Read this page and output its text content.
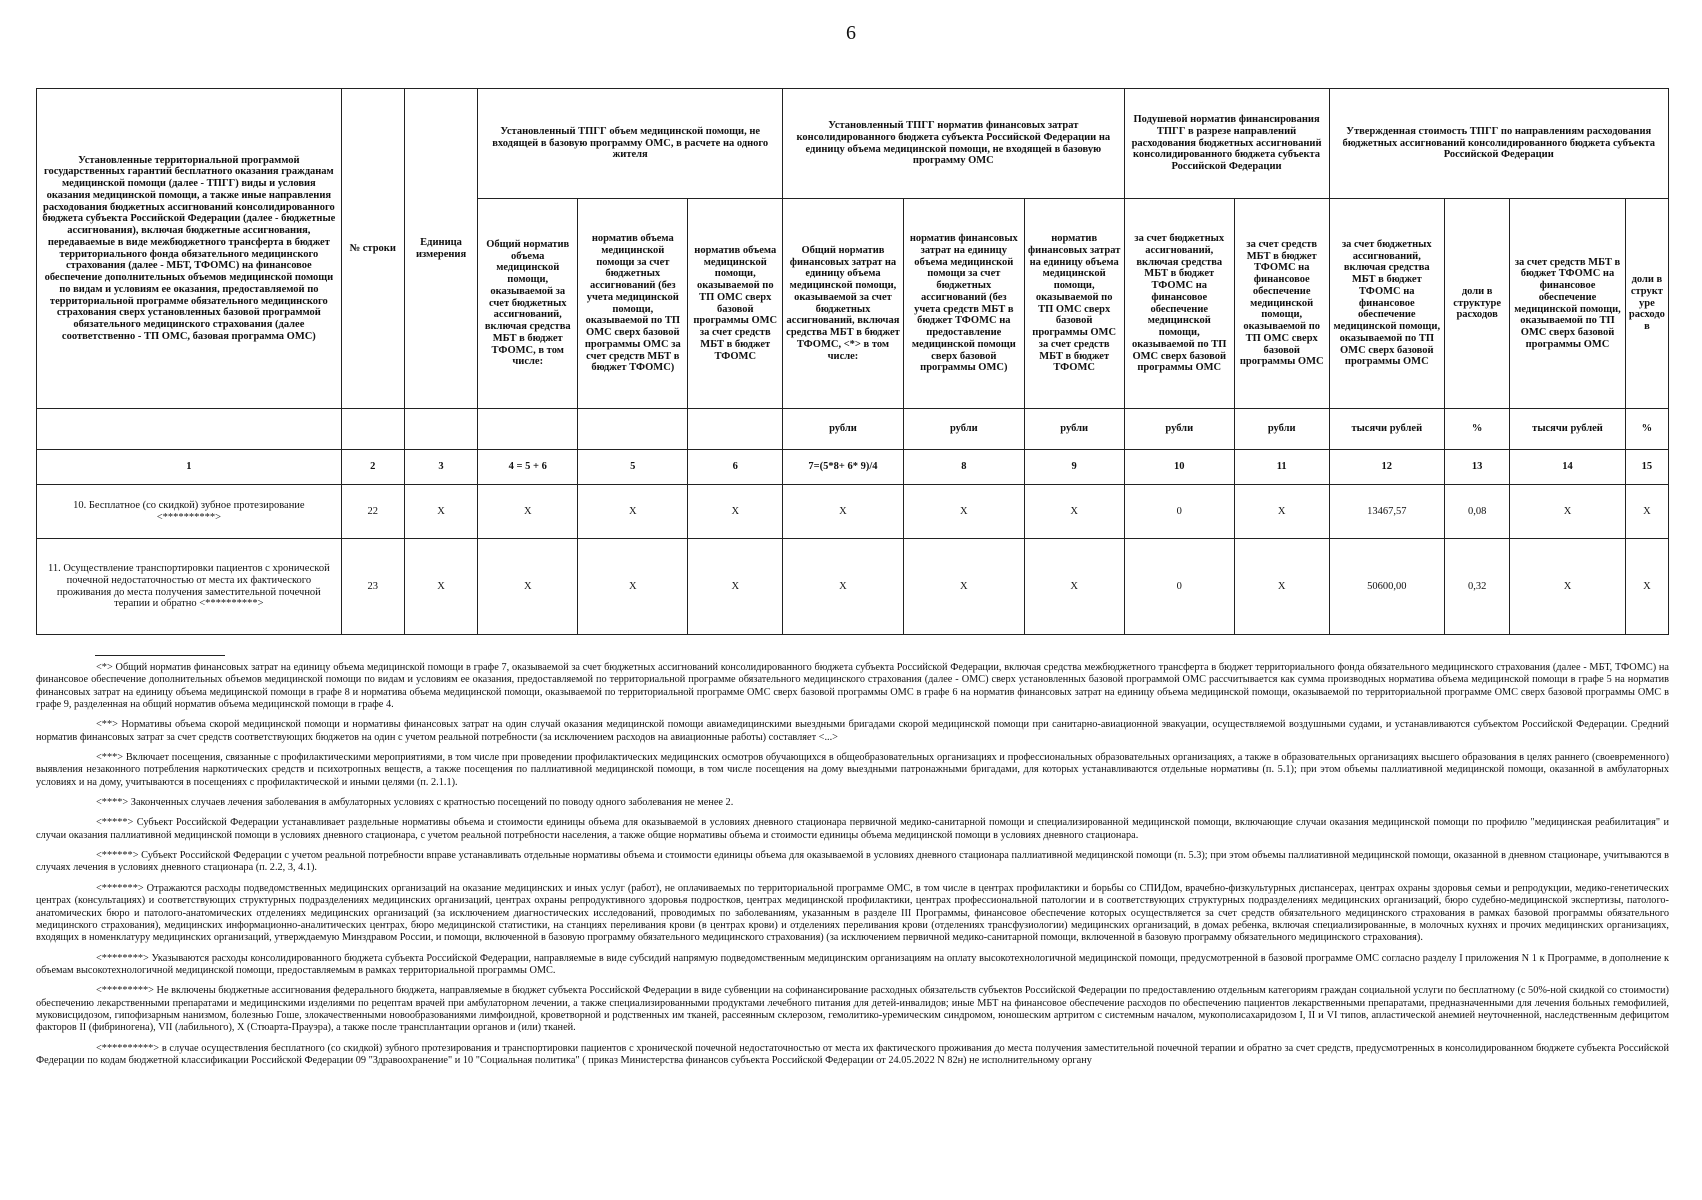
6
Установленные территориальной программой государственных гарантий бесплатного оказания гражданам медицинской помощи (далее - ТПГГ) виды и условия оказания медицинской помощи, а также иные направления расходования бюджетных ассигнований консолидированного бюджета субъекта Российской Федерации (далее - бюджетные ассигнования), включая бюджетные ассигнования, передаваемые в виде межбюджетного трансферта в бюджет территориального фонда обязательного медицинского страхования (далее - МБТ, ТФОМС) на финансовое обеспечение дополнительных объемов медицинской помощи по видам и условиям ее оказания, предоставляемой по территориальной программе обязательного медицинского страхования сверх установленных базовой программой обязательного медицинского страхования (далее соответственно - ТП ОМС, базовая программа ОМС)	№ строки	Единица измерения	Установленный ТПГГ объем медицинской помощи, не входящей в базовую программу ОМС, в расчете на одного жителя			Установленный ТПГГ норматив финансовых затрат консолидированного бюджета субъекта Российской Федерации на единицу объема медицинской помощи, не входящей в базовую программу ОМС			Подушевой норматив финансирования ТПГГ в разрезе направлений расходования бюджетных ассигнований консолидированного бюджета субъекта Российской Федерации		Утвержденная стоимость ТПГГ по направлениям расходования бюджетных ассигнований консолидированного бюджета субъекта Российской Федерации			
			Общий норматив объема медицинской помощи, оказываемой за счет бюджетных ассигнований, включая средства МБТ в бюджет ТФОМС, в том числе:	норматив объема медицинской помощи за счет бюджетных ассигнований (без учета медицинской помощи, оказываемой по ТП ОМС сверх базовой программы ОМС за счет средств МБТ в бюджет ТФОМС)	норматив объема медицинской помощи, оказываемой по ТП ОМС сверх базовой программы ОМС за счет средств МБТ в бюджет ТФОМС	Общий норматив финансовых затрат на единицу объема медицинской помощи, оказываемой за счет бюджетных ассигнований, включая средства МБТ в бюджет ТФОМС, <*> в том числе:	норматив финансовых затрат на единицу объема медицинской помощи за счет бюджетных ассигнований (без учета средств МБТ в бюджет ТФОМС на предоставление медицинской помощи сверх базовой программы ОМС)	норматив финансовых затрат на единицу объема медицинской помощи, оказываемой по ТП ОМС сверх базовой программы ОМС за счет средств МБТ в бюджет ТФОМС	за счет бюджетных ассигнований, включая средства МБТ в бюджет ТФОМС на финансовое обеспечение медицинской помощи, оказываемой по ТП ОМС сверх базовой программы ОМС	за счет средств МБТ в бюджет ТФОМС на финансовое обеспечение медицинской помощи, оказываемой по ТП ОМС сверх базовой программы ОМС	за счет бюджетных ассигнований, включая средства МБТ в бюджет ТФОМС на финансовое обеспечение медицинской помощи, оказываемой по ТП ОМС сверх базовой программы ОМС	доли в структуре расходов	за счет средств МБТ в бюджет ТФОМС на финансовое обеспечение медицинской помощи, оказываемой по ТП ОМС сверх базовой программы ОМС	доли в структуре расходов
						рубли	рубли	рубли	рубли	рубли	тысячи рублей	%	тысячи рублей	%
1	2	3	4 = 5 + 6	5	6	7=(5*8+ 6* 9)/4	8	9	10	11	12	13	14	15
10. Бесплатное (со скидкой) зубное протезирование <**********>	22	Х	Х	Х	Х	Х	Х	Х	0	Х	13467,57	0,08	Х	Х
11. Осуществление транспортировки пациентов с хронической почечной недостаточностью от места их фактического проживания до места получения заместительной почечной терапии и обратно <**********>	23	Х	Х	Х	Х	Х	Х	Х	0	Х	50600,00	0,32	Х	Х

<*> Общий норматив финансовых затрат на единицу объема медицинской помощи в графе 7, оказываемой за счет бюджетных ассигнований консолидированного бюджета субъекта Российской Федерации, включая средства межбюджетного трансферта в бюджет территориального фонда обязательного медицинского страхования (далее - МБТ, ТФОМС) на финансовое обеспечение дополнительных объемов медицинской помощи по видам и условиям ее оказания, предоставляемой по территориальной программе обязательного медицинского страхования (далее - ОМС) сверх установленных базовой программой ОМС рассчитывается как сумма производных норматива объема медицинской помощи в графе 5 на норматив финансовых затрат на единицу объема медицинской помощи в графе 8 и норматива объема медицинской помощи, оказываемой по территориальной программе ОМС сверх базовой программы ОМС в графе 6 на норматив финансовых затрат на единицу объема медицинской помощи, оказываемой по территориальной программе ОМС сверх базовой программы ОМС в графе 9, разделенная на общий норматив объема медицинской помощи в графе 4.

<**> Нормативы объема скорой медицинской помощи и нормативы финансовых затрат на один случай оказания медицинской помощи авиамедицинскими выездными бригадами скорой медицинской помощи при санитарно-авиационной эвакуации, осуществляемой воздушными судами, и устанавливаются субъектом Российской Федерации. Средний норматив финансовых затрат за счет средств соответствующих бюджетов на один с учетом реальной потребности (за исключением расходов на авиационные работы) составляет <...>

<***> Включает посещения, связанные с профилактическими мероприятиями, в том числе при проведении профилактических медицинских осмотров обучающихся в общеобразовательных организациях и профессиональных образовательных организациях, а также в образовательных организациях высшего образования в целях раннего (своевременного) выявления незаконного потребления наркотических средств и психотропных веществ, а также посещения по паллиативной медицинской помощи, в том числе посещения на дому выездными патронажными бригадами, для которых устанавливаются отдельные нормативы (п. 5.1); при этом объемы паллиативной медицинской помощи, оказанной в амбулаторных условиях и на дому, учитываются в посещениях с профилактической и иными целями (п. 2.1.1).

<****> Законченных случаев лечения заболевания в амбулаторных условиях с кратностью посещений по поводу одного заболевания не менее 2.

<*****> Субъект Российской Федерации устанавливает раздельные нормативы объема и стоимости единицы объема для оказываемой в условиях дневного стационара первичной медико-санитарной помощи и специализированной медицинской помощи, включающие случаи оказания медицинской помощи по профилю "медицинская реабилитация" и случаи оказания паллиативной медицинской помощи в условиях дневного стационара, с учетом реальной потребности населения, а также общие нормативы объема и стоимости единицы объема медицинской помощи в условиях дневного стационара.

<******> Субъект Российской Федерации с учетом реальной потребности вправе устанавливать отдельные нормативы объема и стоимости единицы объема для оказываемой в условиях дневного стационара паллиативной медицинской помощи (п. 5.3); при этом объемы паллиативной медицинской помощи, оказанной в дневном стационаре, учитываются в случаях лечения в условиях дневного стационара (п. 2.2, 3, 4.1).

<*******> Отражаются расходы подведомственных медицинских организаций на оказание медицинских и иных услуг (работ), не оплачиваемых по территориальной программе ОМС, в том числе в центрах профилактики и борьбы со СПИДом, врачебно-физкультурных диспансерах, центрах охраны здоровья семьи и репродукции, медико-генетических центрах (консультациях) и соответствующих структурных подразделениях медицинских организаций, центрах охраны репродуктивного здоровья подростков, центрах медицинской профилактики, центрах профессиональной патологии и в соответствующих структурных подразделениях медицинских организаций, бюро судебно-медицинской экспертизы, патолого-анатомических бюро и патолого-анатомических отделениях медицинских организаций (за исключением диагностических исследований, проводимых по заболеваниям, указанным в разделе III Программы, финансовое обеспечение которых осуществляется за счет средств обязательного медицинского страхования в рамках базовой программы обязательного медицинского страхования), медицинских информационно-аналитических центрах, бюро медицинской статистики, на станциях переливания крови (в центрах крови) и отделениях переливания крови (отделениях трансфузиологии) медицинских организаций, в домах ребенка, включая специализированные, в молочных кухнях и прочих медицинских организациях, входящих в номенклатуру медицинских организаций, утверждаемую Минздравом России, и помощи, включенной в базовую программу обязательного медицинского страхования) (за исключением первичной медико-санитарной помощи, включенной в базовую программу обязательного медицинского страхования).

<********> Указываются расходы консолидированного бюджета субъекта Российской Федерации, направляемые в виде субсидий напрямую подведомственным медицинским организациям на оплату высокотехнологичной медицинской помощи, предусмотренной в базовой программе ОМС согласно разделу I приложения N 1 к Программе, в дополнение к объемам высокотехнологичной медицинской помощи, предоставляемым в рамках территориальной программы ОМС.

<*********> Не включены бюджетные ассигнования федерального бюджета, направляемые в бюджет субъекта Российской Федерации в виде субвенции на софинансирование расходных обязательств субъектов Российской Федерации по предоставлению отдельным категориям граждан социальной услуги по бесплатному (с 50%-ной скидкой со стоимости) обеспечению лекарственными препаратами и медицинскими изделиями по рецептам врачей при амбулаторном лечении, а также специализированными продуктами лечебного питания для детей-инвалидов; иные МБТ на финансовое обеспечение расходов по обеспечению пациентов лекарственными препаратами, предназначенными для лечения больных гемофилией, муковисцидозом, гипофизарным нанизмом, болезнью Гоше, злокачественными новообразованиями лимфоидной, кроветворной и родственных им тканей, рассеянным склерозом, гемолитико-уремическим синдромом, юношеским артритом с системным началом, мукополисахаридозом I, II и VI типов, апластической анемией неуточненной, наследственным дефицитом факторов II (фибриногена), VII (лабильного), X (Стюарта-Прауэра), а также после трансплантации органов и (или) тканей.

<**********> в случае осуществления бесплатного (со скидкой) зубного протезирования и транспортировки пациентов с хронической почечной недостаточностью от места их фактического проживания до места получения заместительной почечной терапии и обратно за счет средств, предусмотренных в консолидированном бюджете субъекта Российской Федерации по кодам бюджетной классификации Российской Федерации 09 "Здравоохранение" и 10 "Социальная политика" ( приказ Министерства финансов субъекта Российской Федерации от 24.05.2022 N 82н) не исполнительному органу
